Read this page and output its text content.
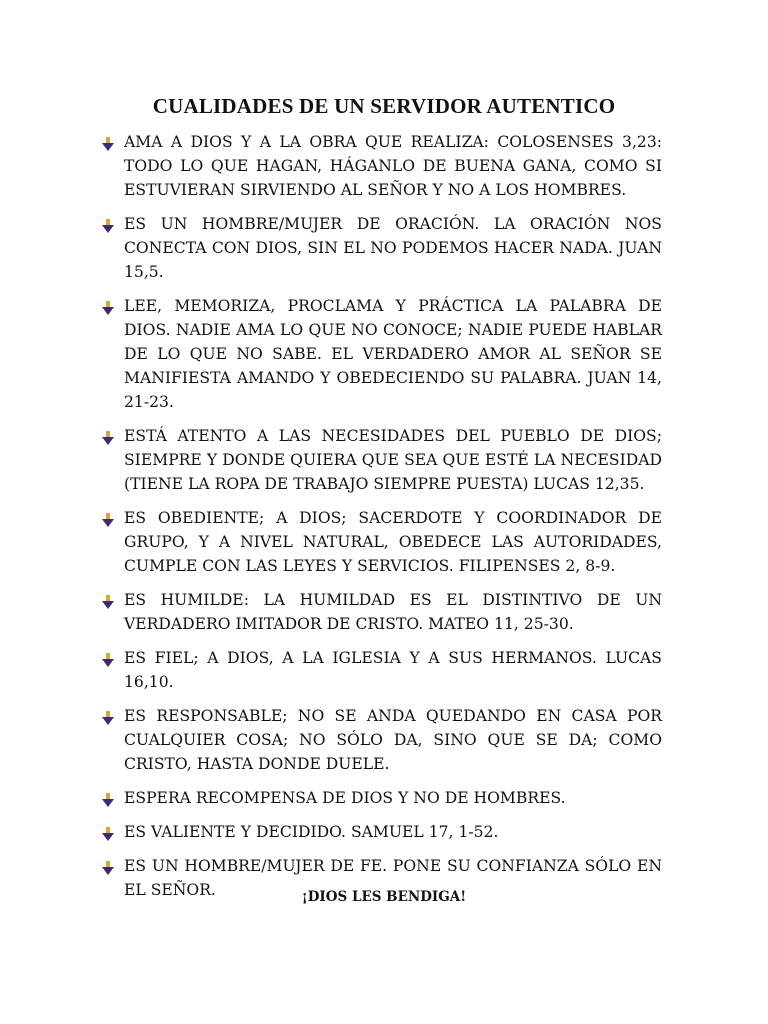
CUALIDADES DE UN SERVIDOR AUTENTICO
AMA A DIOS Y A LA OBRA QUE REALIZA: COLOSENSES 3,23: TODO LO QUE HAGAN, HÁGANLO DE BUENA GANA, COMO SI ESTUVIERAN SIRVIENDO AL SEÑOR Y NO A LOS HOMBRES.
ES UN HOMBRE/MUJER DE ORACIÓN. LA ORACIÓN NOS CONECTA CON DIOS, SIN EL NO PODEMOS HACER NADA. JUAN 15,5.
LEE, MEMORIZA, PROCLAMA Y PRÁCTICA LA PALABRA DE DIOS. NADIE AMA LO QUE NO CONOCE; NADIE PUEDE HABLAR DE LO QUE NO SABE. EL VERDADERO AMOR AL SEÑOR SE MANIFIESTA AMANDO Y OBEDECIENDO SU PALABRA. JUAN 14, 21-23.
ESTÁ ATENTO A LAS NECESIDADES DEL PUEBLO DE DIOS; SIEMPRE Y DONDE QUIERA QUE SEA QUE ESTÉ LA NECESIDAD (TIENE LA ROPA DE TRABAJO SIEMPRE PUESTA) LUCAS 12,35.
ES OBEDIENTE; A DIOS; SACERDOTE Y COORDINADOR DE GRUPO, Y A NIVEL NATURAL, OBEDECE LAS AUTORIDADES, CUMPLE CON LAS LEYES Y SERVICIOS. FILIPENSES 2, 8-9.
ES HUMILDE: LA HUMILDAD ES EL DISTINTIVO DE UN VERDADERO IMITADOR DE CRISTO. MATEO 11, 25-30.
ES FIEL; A DIOS, A LA IGLESIA Y A SUS HERMANOS. LUCAS 16,10.
ES RESPONSABLE; NO SE ANDA QUEDANDO EN CASA POR CUALQUIER COSA; NO SÓLO DA, SINO QUE SE DA; COMO CRISTO, HASTA DONDE DUELE.
ESPERA RECOMPENSA DE DIOS Y NO DE HOMBRES.
ES VALIENTE Y DECIDIDO. SAMUEL 17, 1-52.
ES UN HOMBRE/MUJER DE FE. PONE SU CONFIANZA SÓLO EN EL SEÑOR.	¡DIOS LES BENDIGA!
